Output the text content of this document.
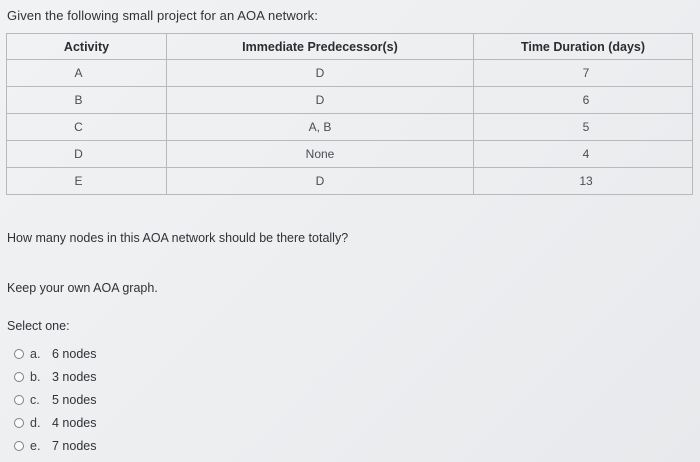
Given the following small project for an AOA network:
Activity	Immediate Predecessor(s)	Time Duration (days)
A	D	7
B	D	6
C	A, B	5
D	None	4
E	D	13
How many nodes in this AOA network should be there totally?
Keep your own AOA graph.
Select one:
a. 6 nodes
b. 3 nodes
c. 5 nodes
d. 4 nodes
e. 7 nodes
